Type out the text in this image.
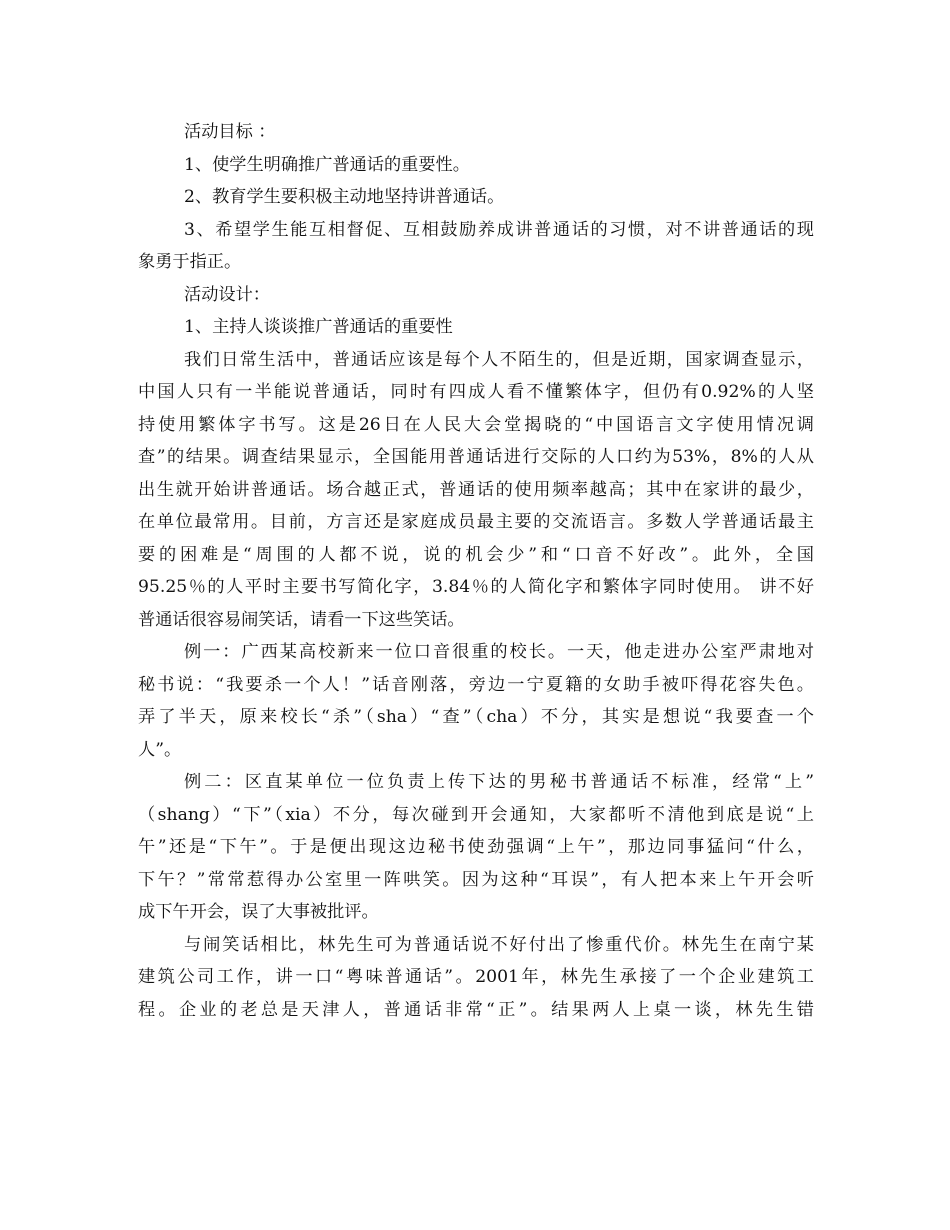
活动目标 ：
1、使学生明确推广普通话的重要性。
2、教育学生要积极主动地坚持讲普通话。
3、希望学生能互相督促、互相鼓励养成讲普通话的习惯，对不讲普通话的现
象勇于指正。
活动设计：
1、主持人谈谈推广普通话的重要性
我们日常生活中，普通话应该是每个人不陌生的，但是近期，国家调查显示，
中国人只有一半能说普通话，同时有四成人看不懂繁体字，但仍有0.92%的人坚
持使用繁体字书写。这是26日在人民大会堂揭晓的“中国语言文字使用情况调
查”的结果。调查结果显示，全国能用普通话进行交际的人口约为53%，8%的人从
出生就开始讲普通话。场合越正式，普通话的使用频率越高；其中在家讲的最少，
在单位最常用。目前，方言还是家庭成员最主要的交流语言。多数人学普通话最主
要的困难是“周围的人都不说，说的机会少”和“口音不好改”。此外，全国
95.25％的人平时主要书写简化字，3.84％的人简化字和繁体字同时使用。 讲不好
普通话很容易闹笑话，请看一下这些笑话。
例一：广西某高校新来一位口音很重的校长。一天，他走进办公室严肃地对
秘书说：“我要杀一个人！”话音刚落，旁边一宁夏籍的女助手被吓得花容失色。
弄了半天，原来校长“杀”（sha）“查”（cha）不分，其实是想说“我要查一个
人”。
例二：区直某单位一位负责上传下达的男秘书普通话不标准，经常“上”
（shang）“下”（xia）不分，每次碰到开会通知，大家都听不清他到底是说“上
午”还是“下午”。于是便出现这边秘书使劲强调“上午”，那边同事猛问“什么，
下午？”常常惹得办公室里一阵哄笑。因为这种“耳误”，有人把本来上午开会听
成下午开会，误了大事被批评。
与闹笑话相比，林先生可为普通话说不好付出了惨重代价。林先生在南宁某
建筑公司工作，讲一口“粤味普通话”。2001年，林先生承接了一个企业建筑工
程。企业的老总是天津人，普通话非常“正”。结果两人上桌一谈，林先生错
